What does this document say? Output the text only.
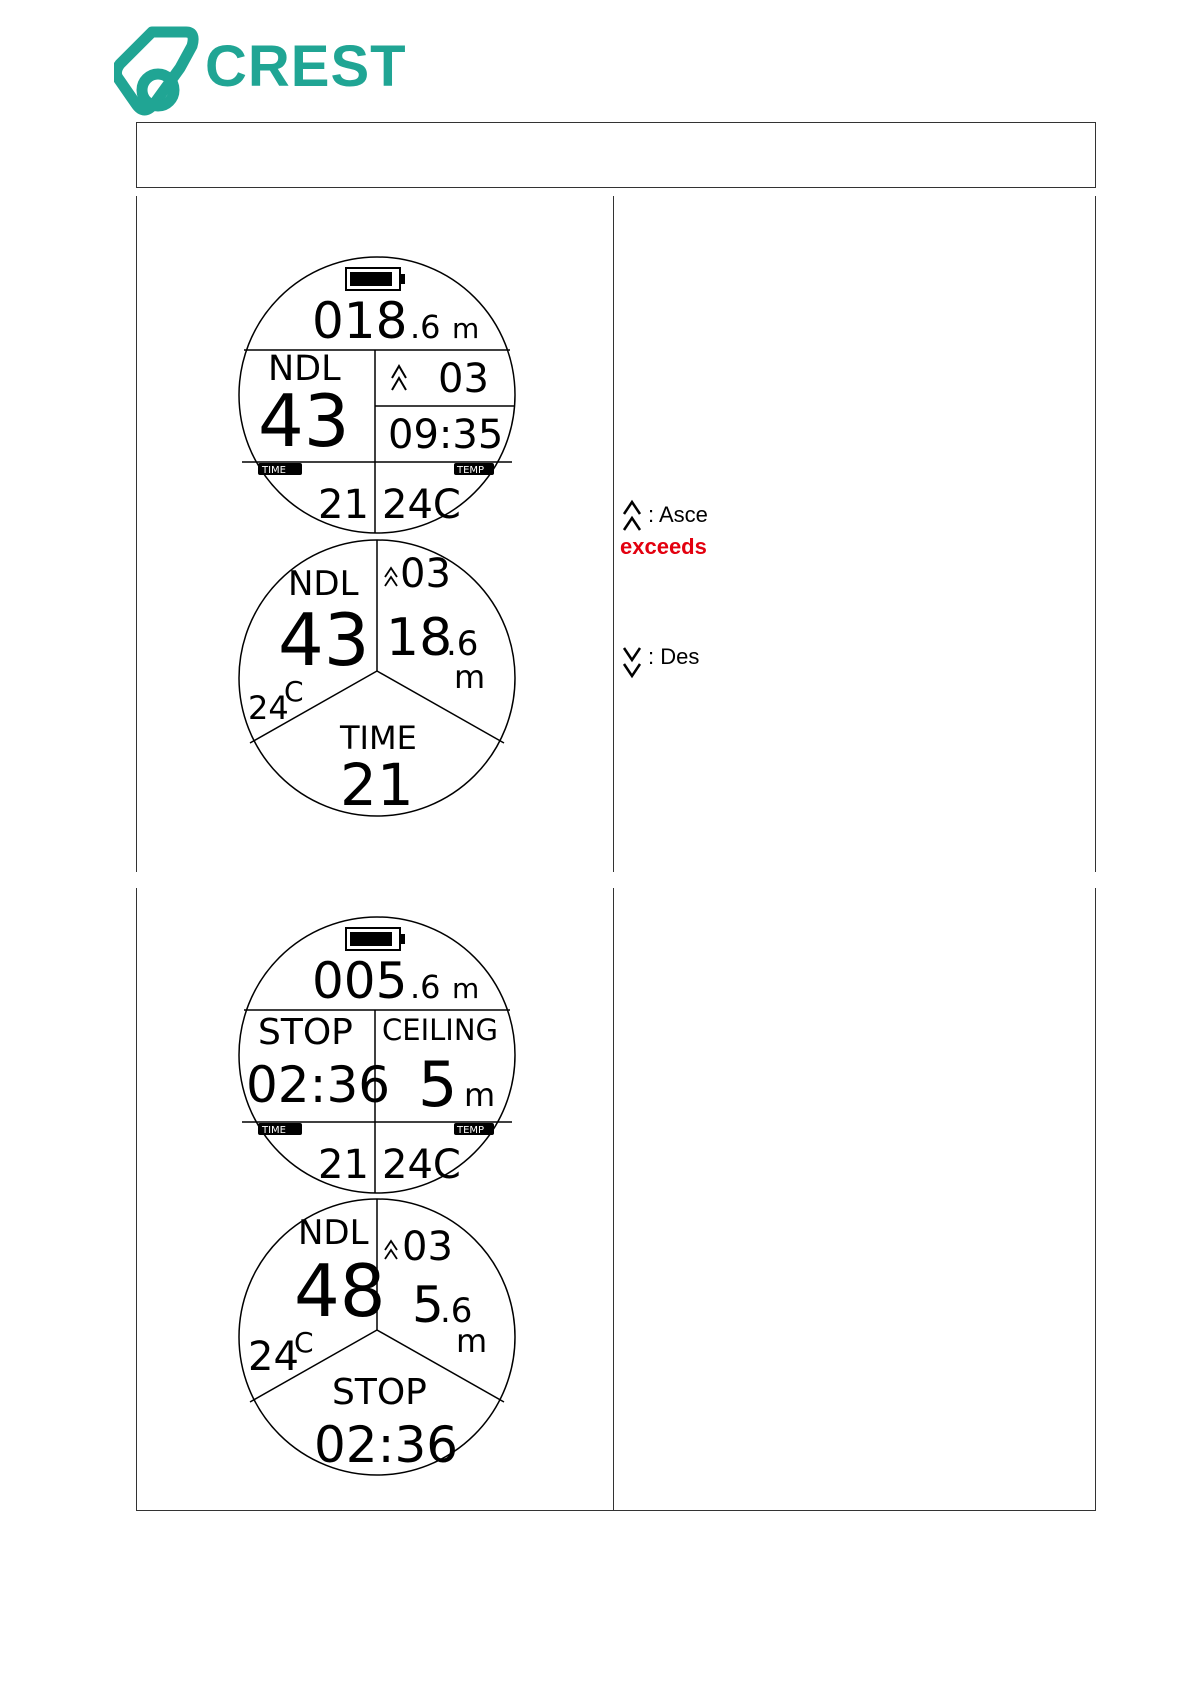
CREST
018 .6 m
NDL
43 03
09:35
TIME	TEMP
21 24C
NDL
43
03
18
.6
m
24
C
TIME
21
: Asce
exceeds
: Des
005 .6 m
STOP
02:36
CEILING
5 m
TIME	TEMP
21 24C
NDL
48
03
5
.6
m
24
C
STOP
02:36
